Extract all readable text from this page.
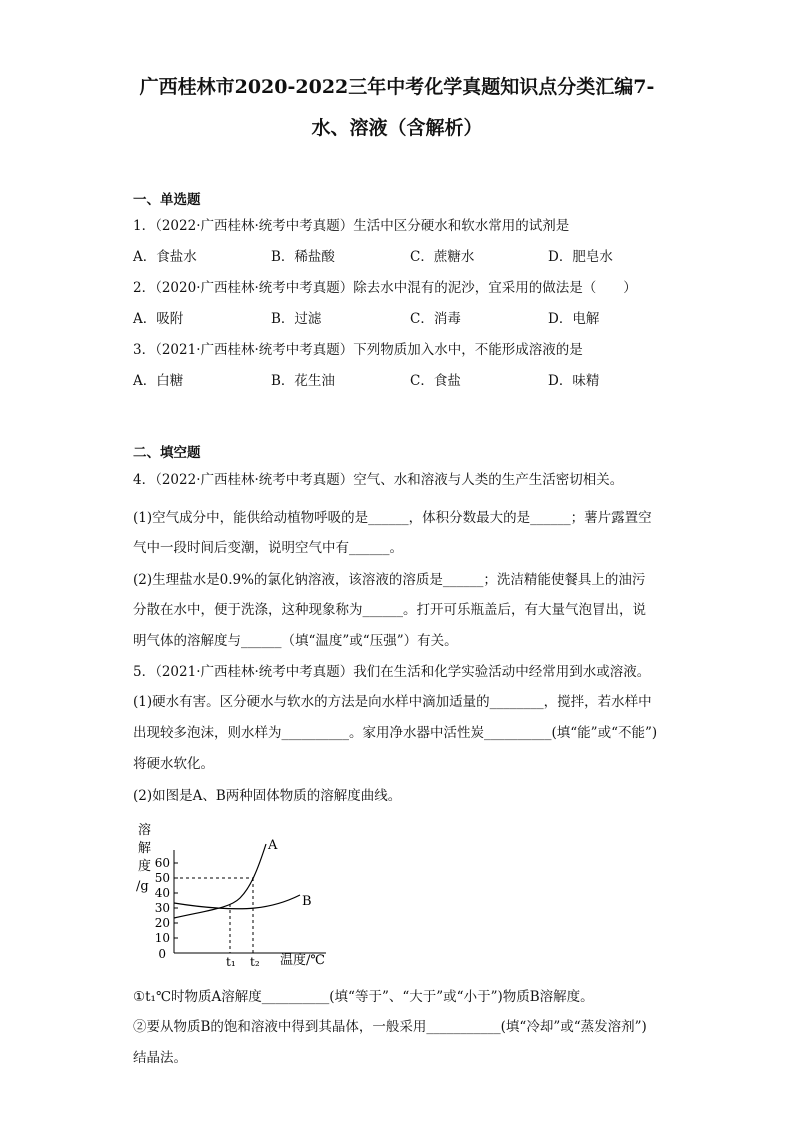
广西桂林市2020-2022三年中考化学真题知识点分类汇编7-
水、溶液（含解析）
一、单选题
1．（2022·广西桂林·统考中考真题）生活中区分硬水和软水常用的试剂是
A．食盐水	B．稀盐酸	C．蔗糖水	D．肥皂水
2．（2020·广西桂林·统考中考真题）除去水中混有的泥沙，宜采用的做法是（　　）
A．吸附	B．过滤	C．消毒	D．电解
3．（2021·广西桂林·统考中考真题）下列物质加入水中，不能形成溶液的是
A．白糖	B．花生油	C．食盐	D．味精
二、填空题
4．（2022·广西桂林·统考中考真题）空气、水和溶液与人类的生产生活密切相关。
(1)空气成分中，能供给动植物呼吸的是______，体积分数最大的是______；薯片露置空
气中一段时间后变潮，说明空气中有______。
(2)生理盐水是0.9%的氯化钠溶液，该溶液的溶质是______；洗洁精能使餐具上的油污
分散在水中，便于洗涤，这种现象称为______。打开可乐瓶盖后，有大量气泡冒出，说
明气体的溶解度与______（填“温度”或“压强”）有关。
5．（2021·广西桂林·统考中考真题）我们在生活和化学实验活动中经常用到水或溶液。
(1)硬水有害。区分硬水与软水的方法是向水样中滴加适量的________，搅拌，若水样中
出现较多泡沫，则水样为__________。家用净水器中活性炭__________(填“能”或“不能”)
将硬水软化。
(2)如图是A、B两种固体物质的溶解度曲线。
溶
解
度
/g
60
50
40
30
20
10
0
A
B
t₁ t₂ 温度/℃
①t₁℃时物质A溶解度__________(填“等于”、“大于”或“小于”)物质B溶解度。
②要从物质B的饱和溶液中得到其晶体，一般采用___________(填“冷却”或“蒸发溶剂”)
结晶法。
